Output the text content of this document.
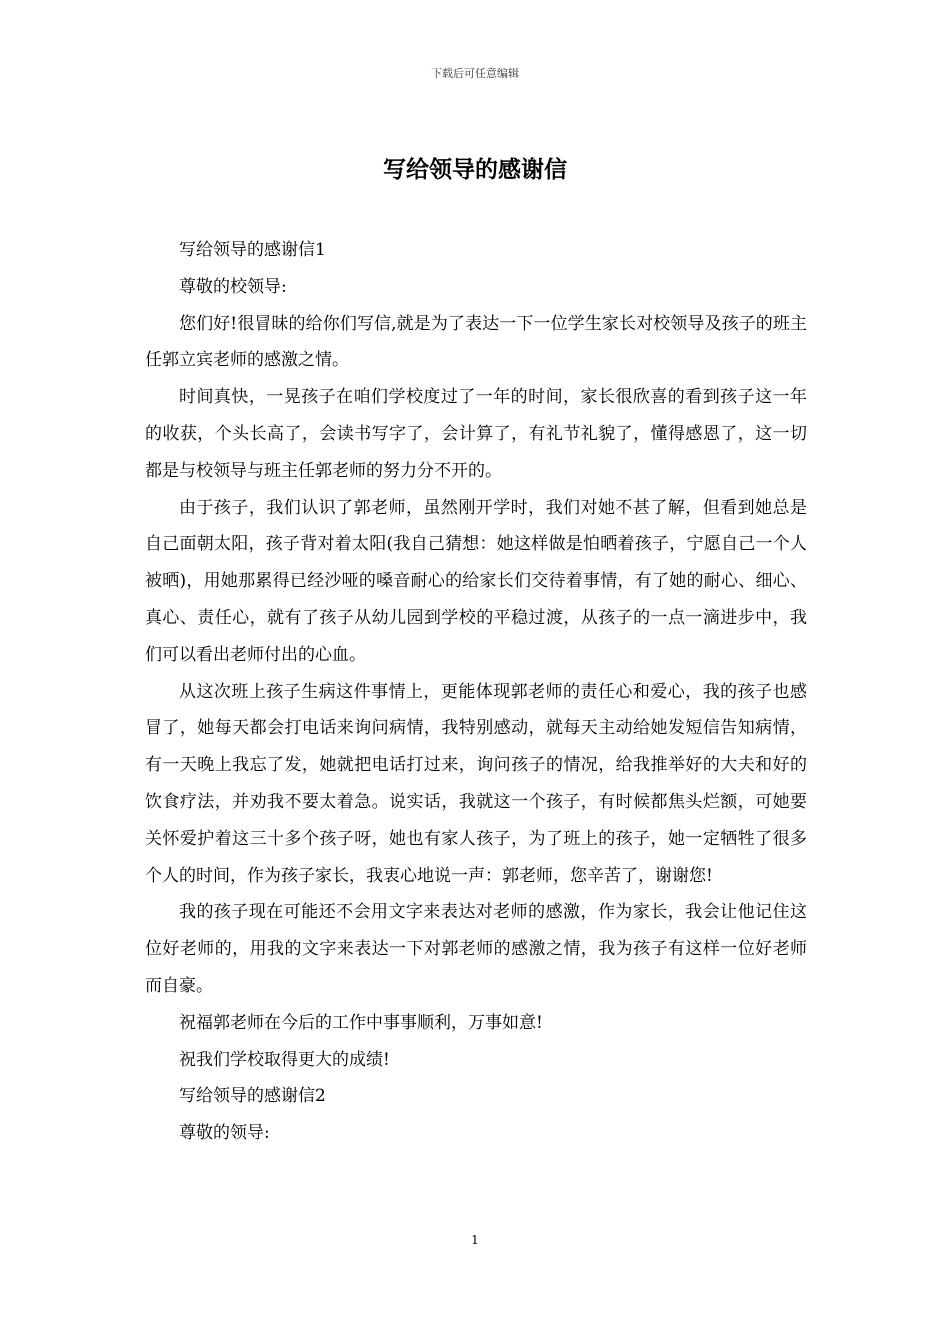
下载后可任意编辑
写给领导的感谢信

写给领导的感谢信1

尊敬的校领导:

您们好!很冒昧的给你们写信,就是为了表达一下一位学生家长对校领导及孩子的班主任郭立宾老师的感激之情。

时间真快，一晃孩子在咱们学校度过了一年的时间，家长很欣喜的看到孩子这一年的收获，个头长高了，会读书写字了，会计算了，有礼节礼貌了，懂得感恩了，这一切都是与校领导与班主任郭老师的努力分不开的。

由于孩子，我们认识了郭老师，虽然刚开学时，我们对她不甚了解，但看到她总是自己面朝太阳，孩子背对着太阳(我自己猜想：她这样做是怕晒着孩子，宁愿自己一个人被晒)，用她那累得已经沙哑的嗓音耐心的给家长们交待着事情，有了她的耐心、细心、真心、责任心，就有了孩子从幼儿园到学校的平稳过渡，从孩子的一点一滴进步中，我们可以看出老师付出的心血。

从这次班上孩子生病这件事情上，更能体现郭老师的责任心和爱心，我的孩子也感冒了，她每天都会打电话来询问病情，我特别感动，就每天主动给她发短信告知病情，有一天晚上我忘了发，她就把电话打过来，询问孩子的情况，给我推举好的大夫和好的饮食疗法，并劝我不要太着急。说实话，我就这一个孩子，有时候都焦头烂额，可她要关怀爱护着这三十多个孩子呀，她也有家人孩子，为了班上的孩子，她一定牺牲了很多个人的时间，作为孩子家长，我衷心地说一声：郭老师，您辛苦了，谢谢您!

我的孩子现在可能还不会用文字来表达对老师的感激，作为家长，我会让他记住这位好老师的，用我的文字来表达一下对郭老师的感激之情，我为孩子有这样一位好老师而自豪。

祝福郭老师在今后的工作中事事顺利，万事如意!

祝我们学校取得更大的成绩!

写给领导的感谢信2

尊敬的领导:

1
